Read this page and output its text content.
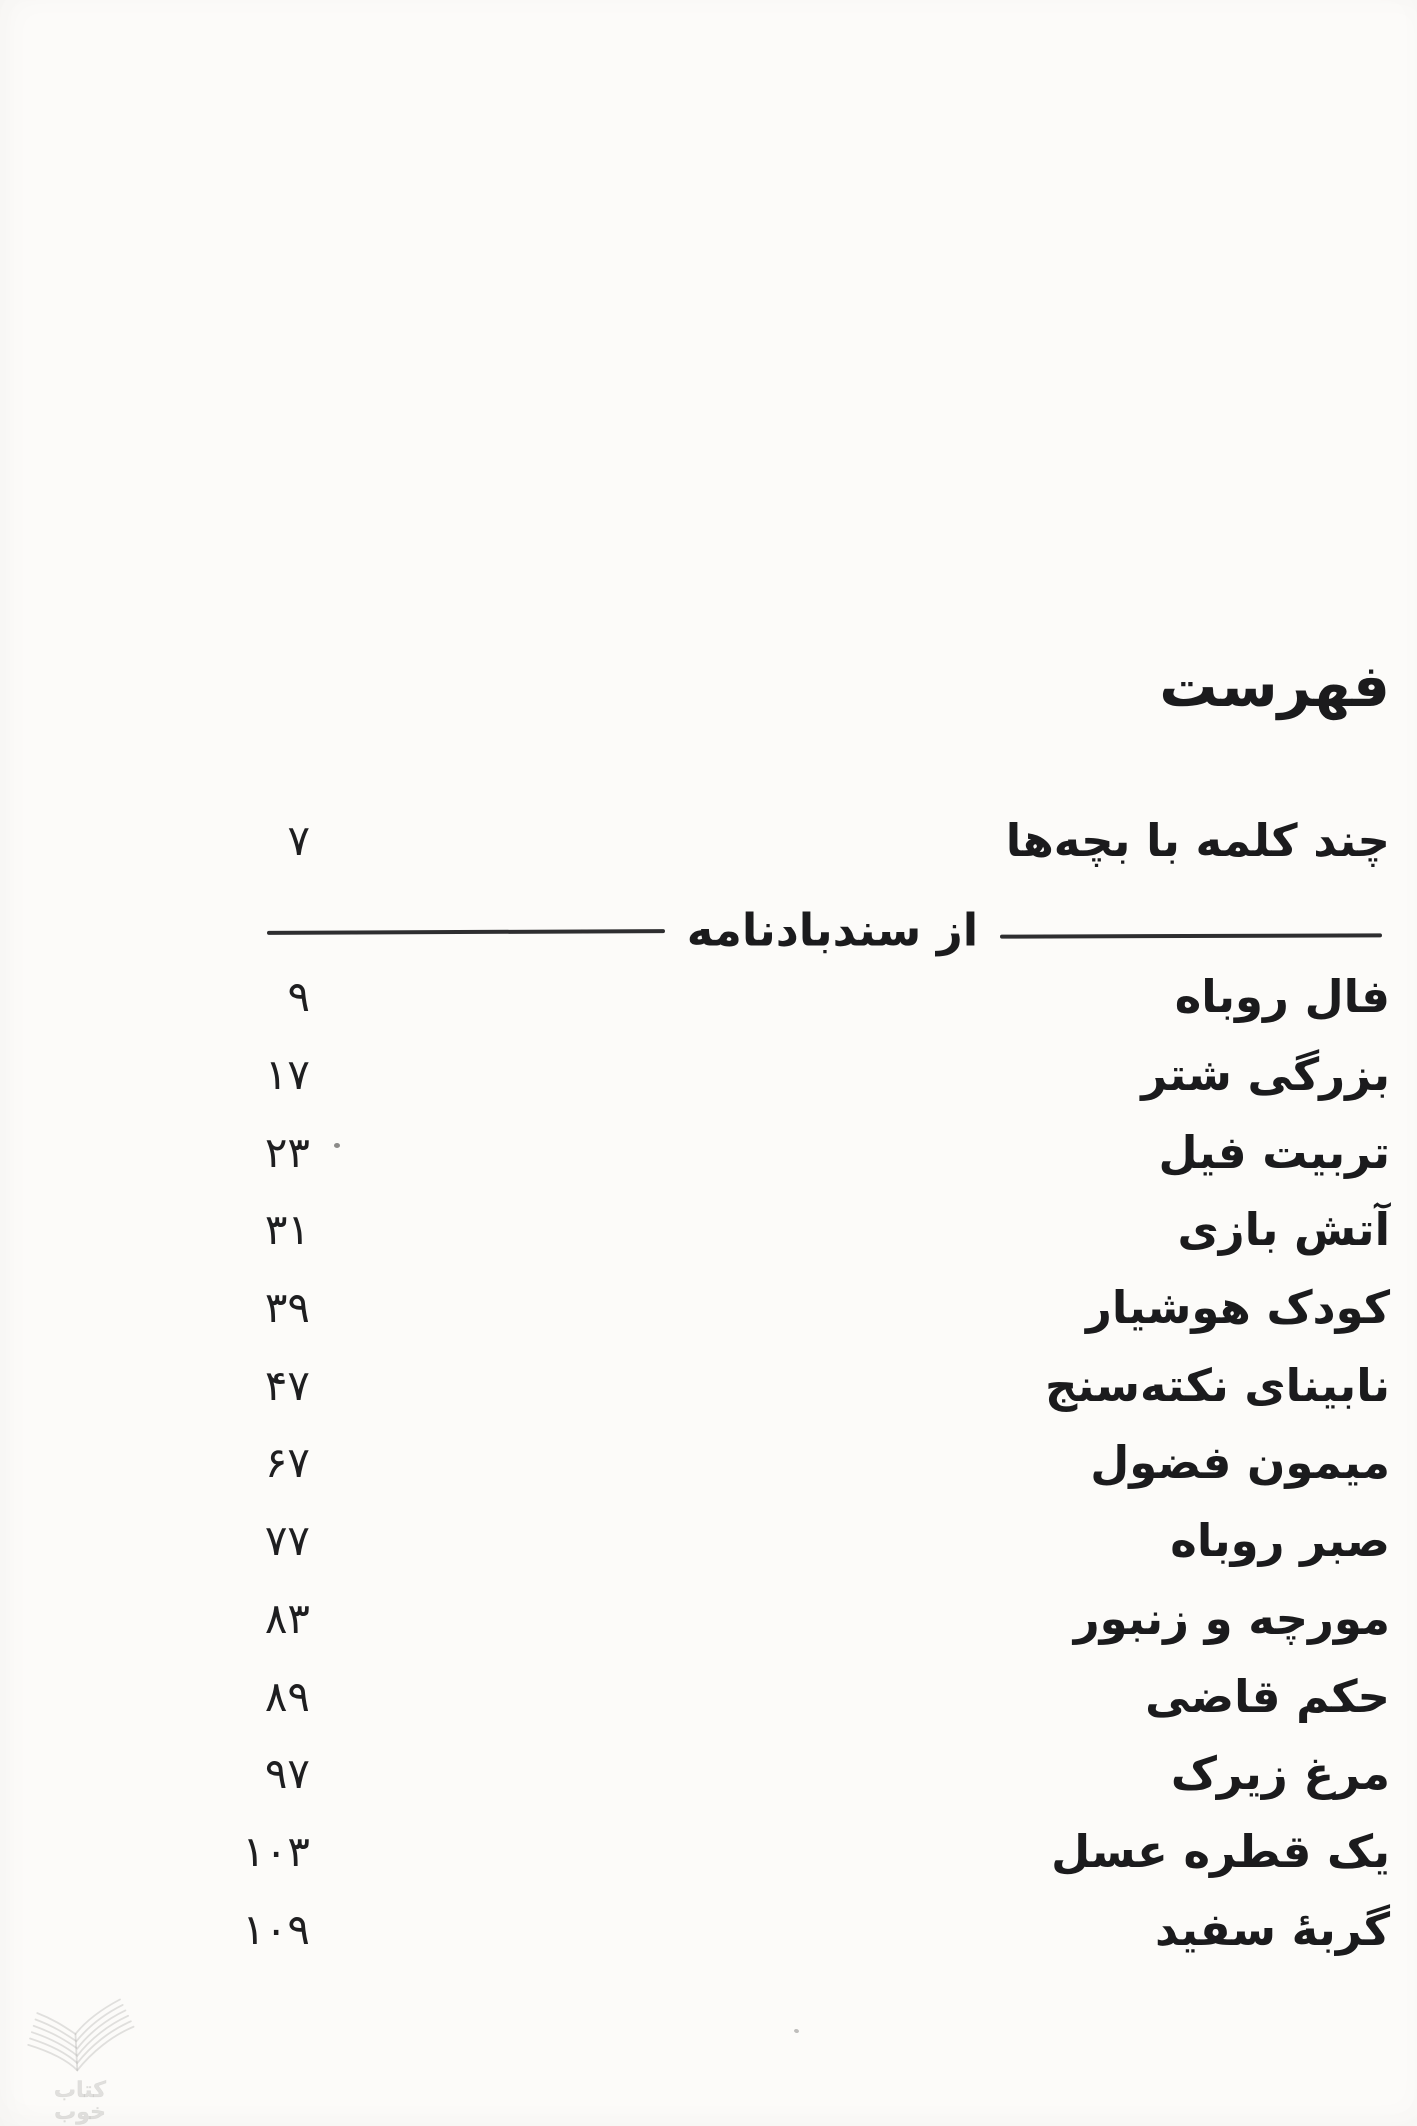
فهرست
۷	چند کلمه با بچه‌ها
از سندبادنامه
۹	فال روباه
۱۷	بزرگی شتر
۲۳	تربیت فیل
۳۱	آتش بازی
۳۹	کودک هوشیار
۴۷	نابینای نکته‌سنج
۶۷	میمون فضول
۷۷	صبر روباه
۸۳	مورچه و زنبور
۸۹	حکم قاضی
۹۷	مرغ زیرک
۱۰۳	یک قطره عسل
۱۰۹	گربۀ سفید
کتاب
خوب
